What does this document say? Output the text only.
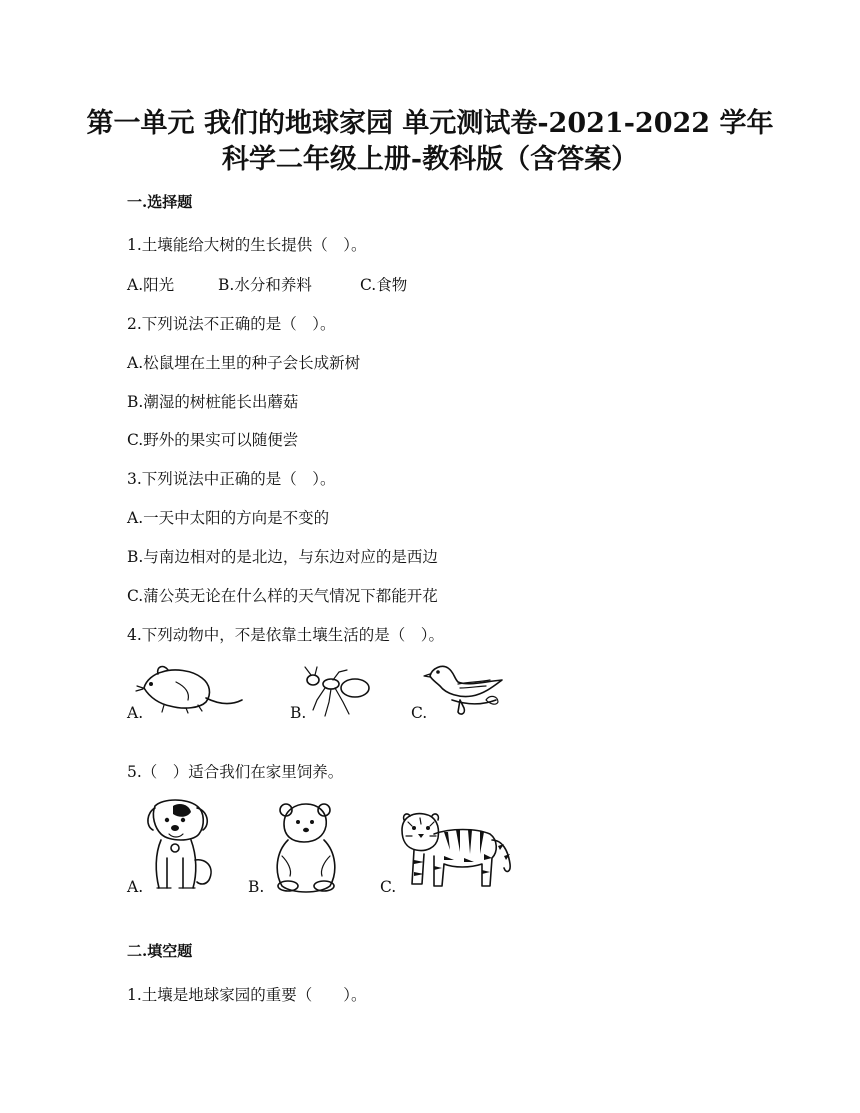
第一单元 我们的地球家园 单元测试卷-2021-2022 学年
科学二年级上册-教科版（含答案）
一.选择题
1.土壤能给大树的生长提供（　）。
A.阳光	B.水分和养料	C.食物
2.下列说法不正确的是（　）。
A.松鼠埋在土里的种子会长成新树
B.潮湿的树桩能长出蘑菇
C.野外的果实可以随便尝
3.下列说法中正确的是（　）。
A.一天中太阳的方向是不变的
B.与南边相对的是北边，与东边对应的是西边
C.蒲公英无论在什么样的天气情况下都能开花
4.下列动物中，不是依靠土壤生活的是（　）。
A.	B.	C.
5.（　）适合我们在家里饲养。
A.	B.	C.
二.填空题
1.土壤是地球家园的重要（　　）。
